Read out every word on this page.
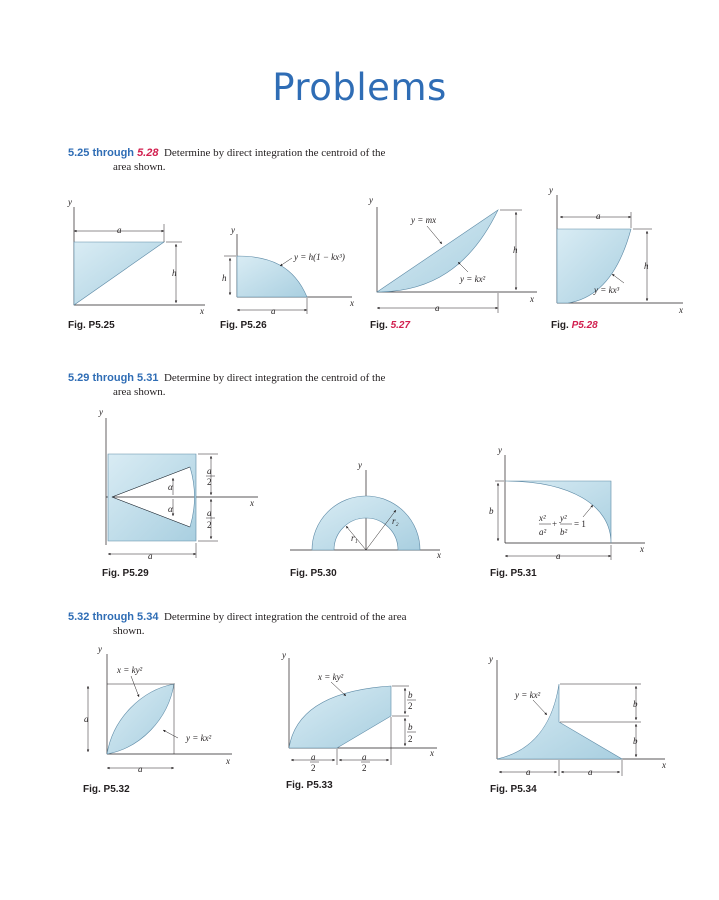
Problems
5.25 through 5.28 Determine by direct integration the centroid of the
area shown.
5.29 through 5.31 Determine by direct integration the centroid of the
area shown.
5.32 through 5.34 Determine by direct integration the centroid of the area
shown.
Fig. P5.25	Fig. P5.26	Fig. 5.27	Fig. P5.28
Fig. P5.29	Fig. P5.30	Fig. P5.31
Fig. P5.32	Fig. P5.33	Fig. P5.34
y
x
a
h
y
x
a
h
y = h(1 − kx³)
y
x
a
h
y = mx
y = kx²
y
x
a
h
y = kx³
y
x
a
α
α
a
2
a
2
y
x
r₁
r₂
y
x
a
b
x²
a²
+
y²
b²
= 1
y
x
a
a
x = ky²
y = kx²
y
x
x = ky²
b
2
b
2
a
2
a
2
y
x
y = kx²
b
b
a	a
